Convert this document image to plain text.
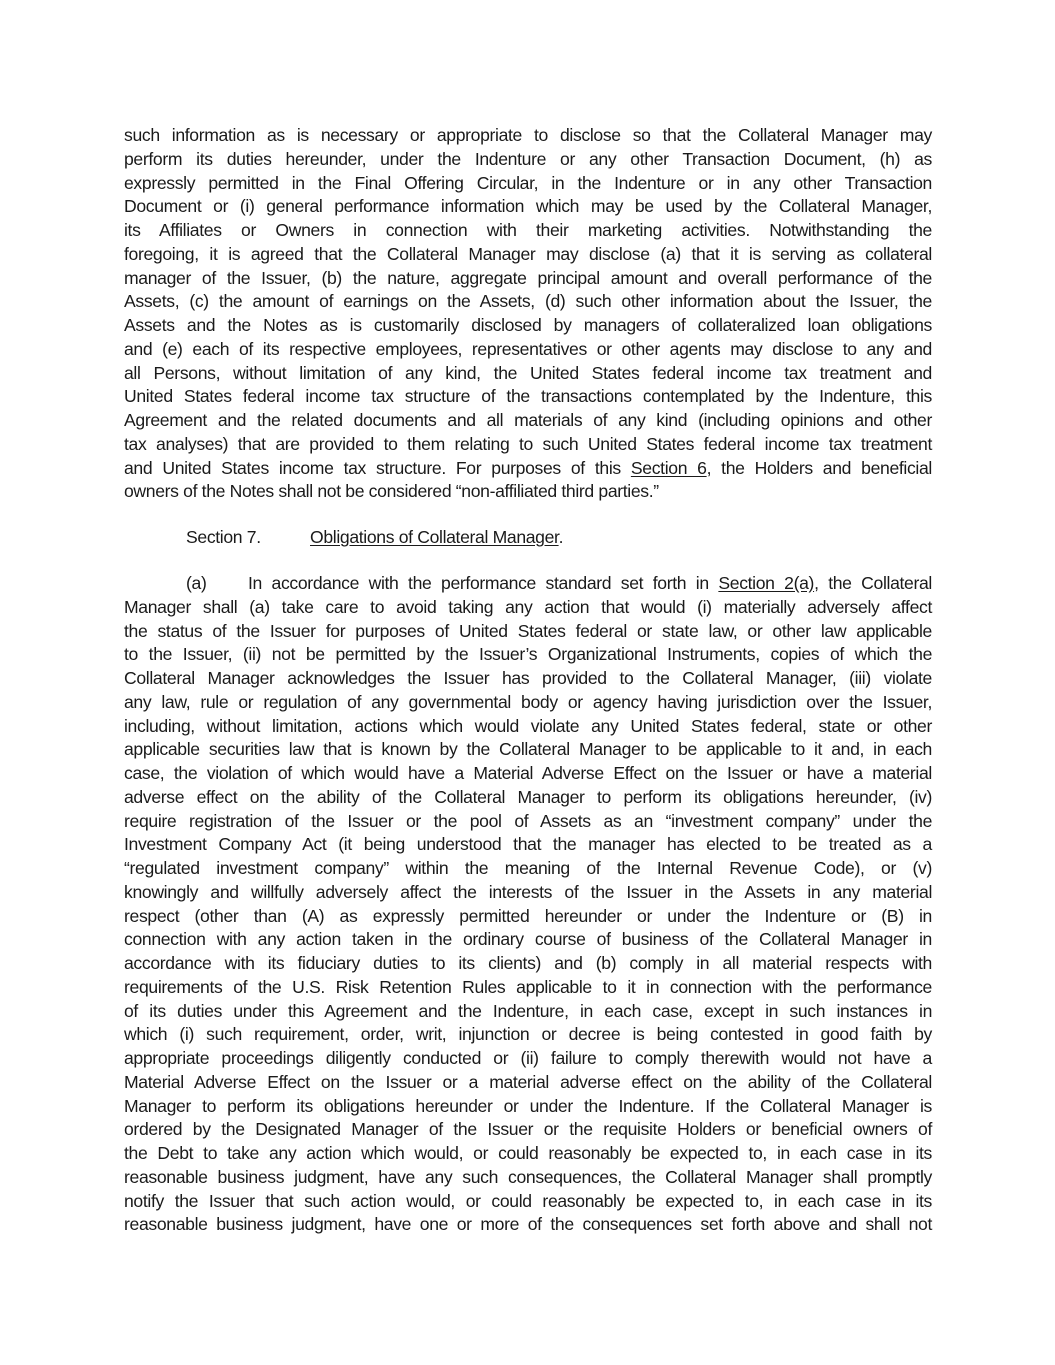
such information as is necessary or appropriate to disclose so that the Collateral Manager may
perform its duties hereunder, under the Indenture or any other Transaction Document, (h) as
expressly permitted in the Final Offering Circular, in the Indenture or in any other Transaction
Document or (i) general performance information which may be used by the Collateral Manager,
its Affiliates or Owners in connection with their marketing activities. Notwithstanding the
foregoing, it is agreed that the Collateral Manager may disclose (a) that it is serving as collateral
manager of the Issuer, (b) the nature, aggregate principal amount and overall performance of the
Assets, (c) the amount of earnings on the Assets, (d) such other information about the Issuer, the
Assets and the Notes as is customarily disclosed by managers of collateralized loan obligations
and (e) each of its respective employees, representatives or other agents may disclose to any and
all Persons, without limitation of any kind, the United States federal income tax treatment and
United States federal income tax structure of the transactions contemplated by the Indenture, this
Agreement and the related documents and all materials of any kind (including opinions and other
tax analyses) that are provided to them relating to such United States federal income tax treatment
and United States income tax structure. For purposes of this Section 6, the Holders and beneficial
owners of the Notes shall not be considered “non-affiliated third parties.”
Section 7.	Obligations of Collateral Manager.
(a) In accordance with the performance standard set forth in Section 2(a), the Collateral
Manager shall (a) take care to avoid taking any action that would (i) materially adversely affect
the status of the Issuer for purposes of United States federal or state law, or other law applicable
to the Issuer, (ii) not be permitted by the Issuer’s Organizational Instruments, copies of which the
Collateral Manager acknowledges the Issuer has provided to the Collateral Manager, (iii) violate
any law, rule or regulation of any governmental body or agency having jurisdiction over the Issuer,
including, without limitation, actions which would violate any United States federal, state or other
applicable securities law that is known by the Collateral Manager to be applicable to it and, in each
case, the violation of which would have a Material Adverse Effect on the Issuer or have a material
adverse effect on the ability of the Collateral Manager to perform its obligations hereunder, (iv)
require registration of the Issuer or the pool of Assets as an “investment company” under the
Investment Company Act (it being understood that the manager has elected to be treated as a
“regulated investment company” within the meaning of the Internal Revenue Code), or (v)
knowingly and willfully adversely affect the interests of the Issuer in the Assets in any material
respect (other than (A) as expressly permitted hereunder or under the Indenture or (B) in
connection with any action taken in the ordinary course of business of the Collateral Manager in
accordance with its fiduciary duties to its clients) and (b) comply in all material respects with
requirements of the U.S. Risk Retention Rules applicable to it in connection with the performance
of its duties under this Agreement and the Indenture, in each case, except in such instances in
which (i) such requirement, order, writ, injunction or decree is being contested in good faith by
appropriate proceedings diligently conducted or (ii) failure to comply therewith would not have a
Material Adverse Effect on the Issuer or a material adverse effect on the ability of the Collateral
Manager to perform its obligations hereunder or under the Indenture. If the Collateral Manager is
ordered by the Designated Manager of the Issuer or the requisite Holders or beneficial owners of
the Debt to take any action which would, or could reasonably be expected to, in each case in its
reasonable business judgment, have any such consequences, the Collateral Manager shall promptly
notify the Issuer that such action would, or could reasonably be expected to, in each case in its
reasonable business judgment, have one or more of the consequences set forth above and shall not
